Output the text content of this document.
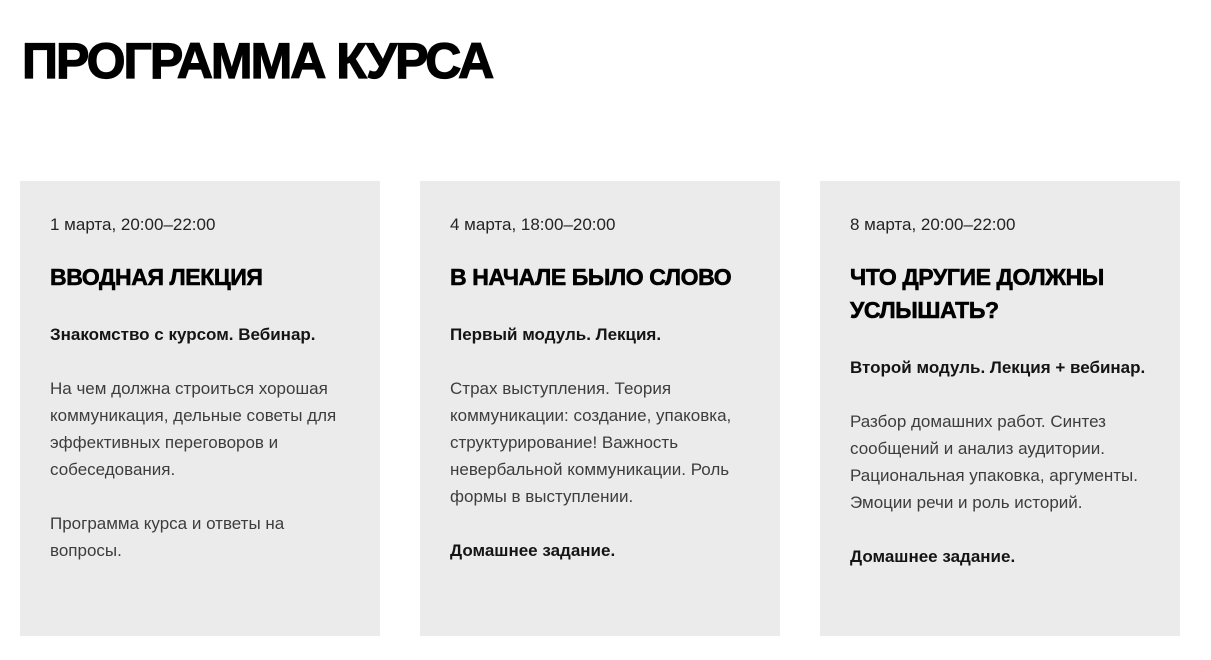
ПРОГРАММА КУРСА

1 марта, 20:00–22:00

ВВОДНАЯ ЛЕКЦИЯ

Знакомство с курсом. Вебинар.

На чем должна строиться хорошая коммуникация, дельные советы для эффективных переговоров и собеседования.

Программа курса и ответы на вопросы.

4 марта, 18:00–20:00

В НАЧАЛЕ БЫЛО СЛОВО

Первый модуль. Лекция.

Страх выступления. Теория коммуникации: создание, упаковка, структурирование! Важность невербальной коммуникации. Роль формы в выступлении.

Домашнее задание.

8 марта, 20:00–22:00

ЧТО ДРУГИЕ ДОЛЖНЫ УСЛЫШАТЬ?

Второй модуль. Лекция + вебинар.

Разбор домашних работ. Синтез сообщений и анализ аудитории. Рациональная упаковка, аргументы. Эмоции речи и роль историй.

Домашнее задание.
